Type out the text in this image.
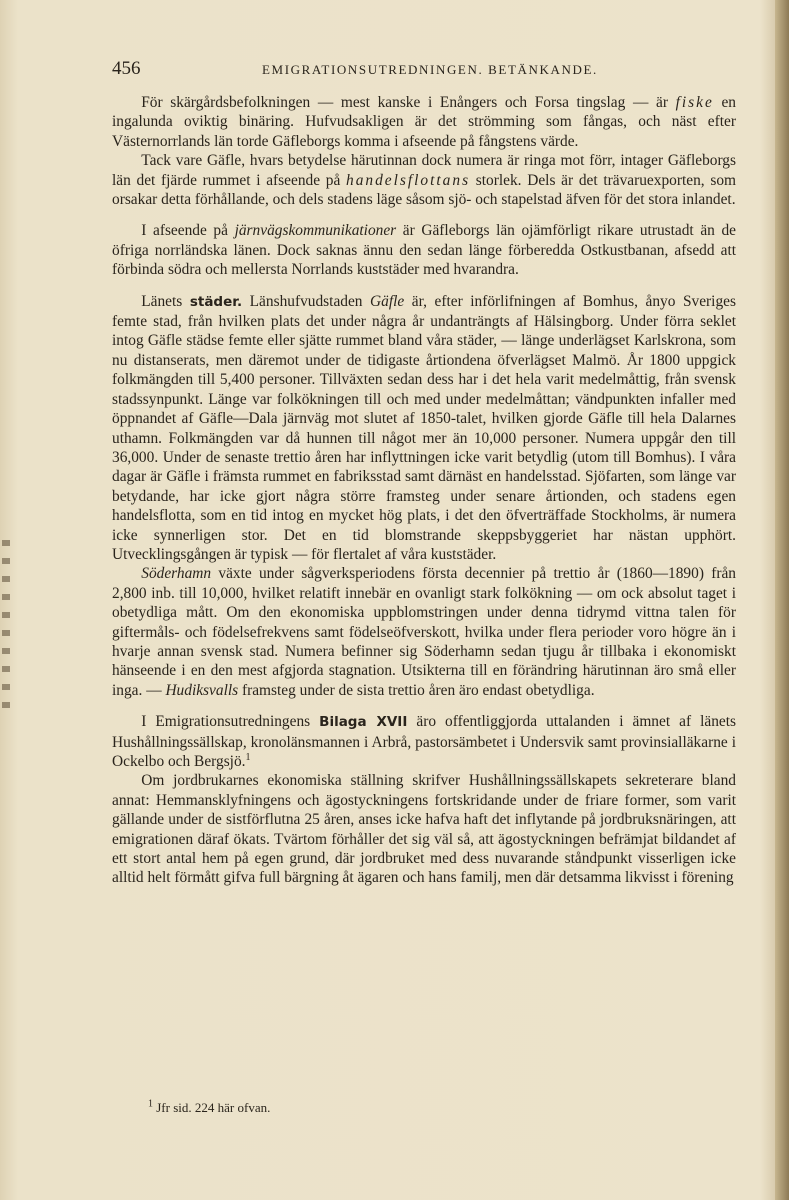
456	EMIGRATIONSUTREDNINGEN. BETÄNKANDE.

För skärgårdsbefolkningen — mest kanske i Enångers och Forsa tingslag — är fiske en ingalunda oviktig binäring. Hufvudsakligen är det strömming som fångas, och näst efter Västernorrlands län torde Gäfleborgs komma i afseende på fångstens värde.

Tack vare Gäfle, hvars betydelse härutinnan dock numera är ringa mot förr, intager Gäfleborgs län det fjärde rummet i afseende på handelsflottans storlek. Dels är det trävaruexporten, som orsakar detta förhållande, och dels stadens läge såsom sjö- och stapelstad äfven för det stora inlandet.

I afseende på järnvägskommunikationer är Gäfleborgs län ojämförligt rikare utrustadt än de öfriga norrländska länen. Dock saknas ännu den sedan länge förberedda Ostkustbanan, afsedd att förbinda södra och mellersta Norrlands kuststäder med hvarandra.

Länets städer. Länshufvudstaden Gäfle är, efter införlifningen af Bomhus, ånyo Sveriges femte stad, från hvilken plats det under några år undanträngts af Hälsingborg. Under förra seklet intog Gäfle städse femte eller sjätte rummet bland våra städer, — länge underlägset Karlskrona, som nu distanserats, men däremot under de tidigaste årtiondena öfverlägset Malmö. År 1800 uppgick folkmängden till 5,400 personer. Tillväxten sedan dess har i det hela varit medelmåttig, från svensk stadssynpunkt. Länge var folkökningen till och med under medelmåttan; vändpunkten infaller med öppnandet af Gäfle—Dala järnväg mot slutet af 1850-talet, hvilken gjorde Gäfle till hela Dalarnes uthamn. Folkmängden var då hunnen till något mer än 10,000 personer. Numera uppgår den till 36,000. Under de senaste trettio åren har inflyttningen icke varit betydlig (utom till Bomhus). I våra dagar är Gäfle i främsta rummet en fabriksstad samt därnäst en handelsstad. Sjöfarten, som länge var betydande, har icke gjort några större framsteg under senare årtionden, och stadens egen handelsflotta, som en tid intog en mycket hög plats, i det den öfverträffade Stockholms, är numera icke synnerligen stor. Det en tid blomstrande skeppsbyggeriet har nästan upphört. Utvecklingsgången är typisk — för flertalet af våra kuststäder.

Söderhamn växte under sågverksperiodens första decennier på trettio år (1860—1890) från 2,800 inb. till 10,000, hvilket relatift innebär en ovanligt stark folkökning — om ock absolut taget i obetydliga mått. Om den ekonomiska uppblomstringen under denna tidrymd vittna talen för giftermåls- och födelsefrekvens samt födelseöfverskott, hvilka under flera perioder voro högre än i hvarje annan svensk stad. Numera befinner sig Söderhamn sedan tjugu år tillbaka i ekonomiskt hänseende i en den mest afgjorda stagnation. Utsikterna till en förändring härutinnan äro små eller inga. — Hudiksvalls framsteg under de sista trettio åren äro endast obetydliga.

I Emigrationsutredningens Bilaga XVII äro offentliggjorda uttalanden i ämnet af länets Hushållningssällskap, kronolänsmannen i Arbrå, pastorsämbetet i Undersvik samt provinsialläkarne i Ockelbo och Bergsjö.$^1$

Om jordbrukarnes ekonomiska ställning skrifver Hushållningssällskapets sekreterare bland annat: Hemmansklyfningens och ägostyckningens fortskridande under de friare former, som varit gällande under de sistförflutna 25 åren, anses icke hafva haft det inflytande på jordbruksnäringen, att emigrationen däraf ökats. Tvärtom förhåller det sig väl så, att ägostyckningen befrämjat bildandet af ett stort antal hem på egen grund, där jordbruket med dess nuvarande ståndpunkt visserligen icke alltid helt förmått gifva full bärgning åt ägaren och hans familj, men där detsamma likvisst i förening

$^1$ Jfr sid. 224 här ofvan.
